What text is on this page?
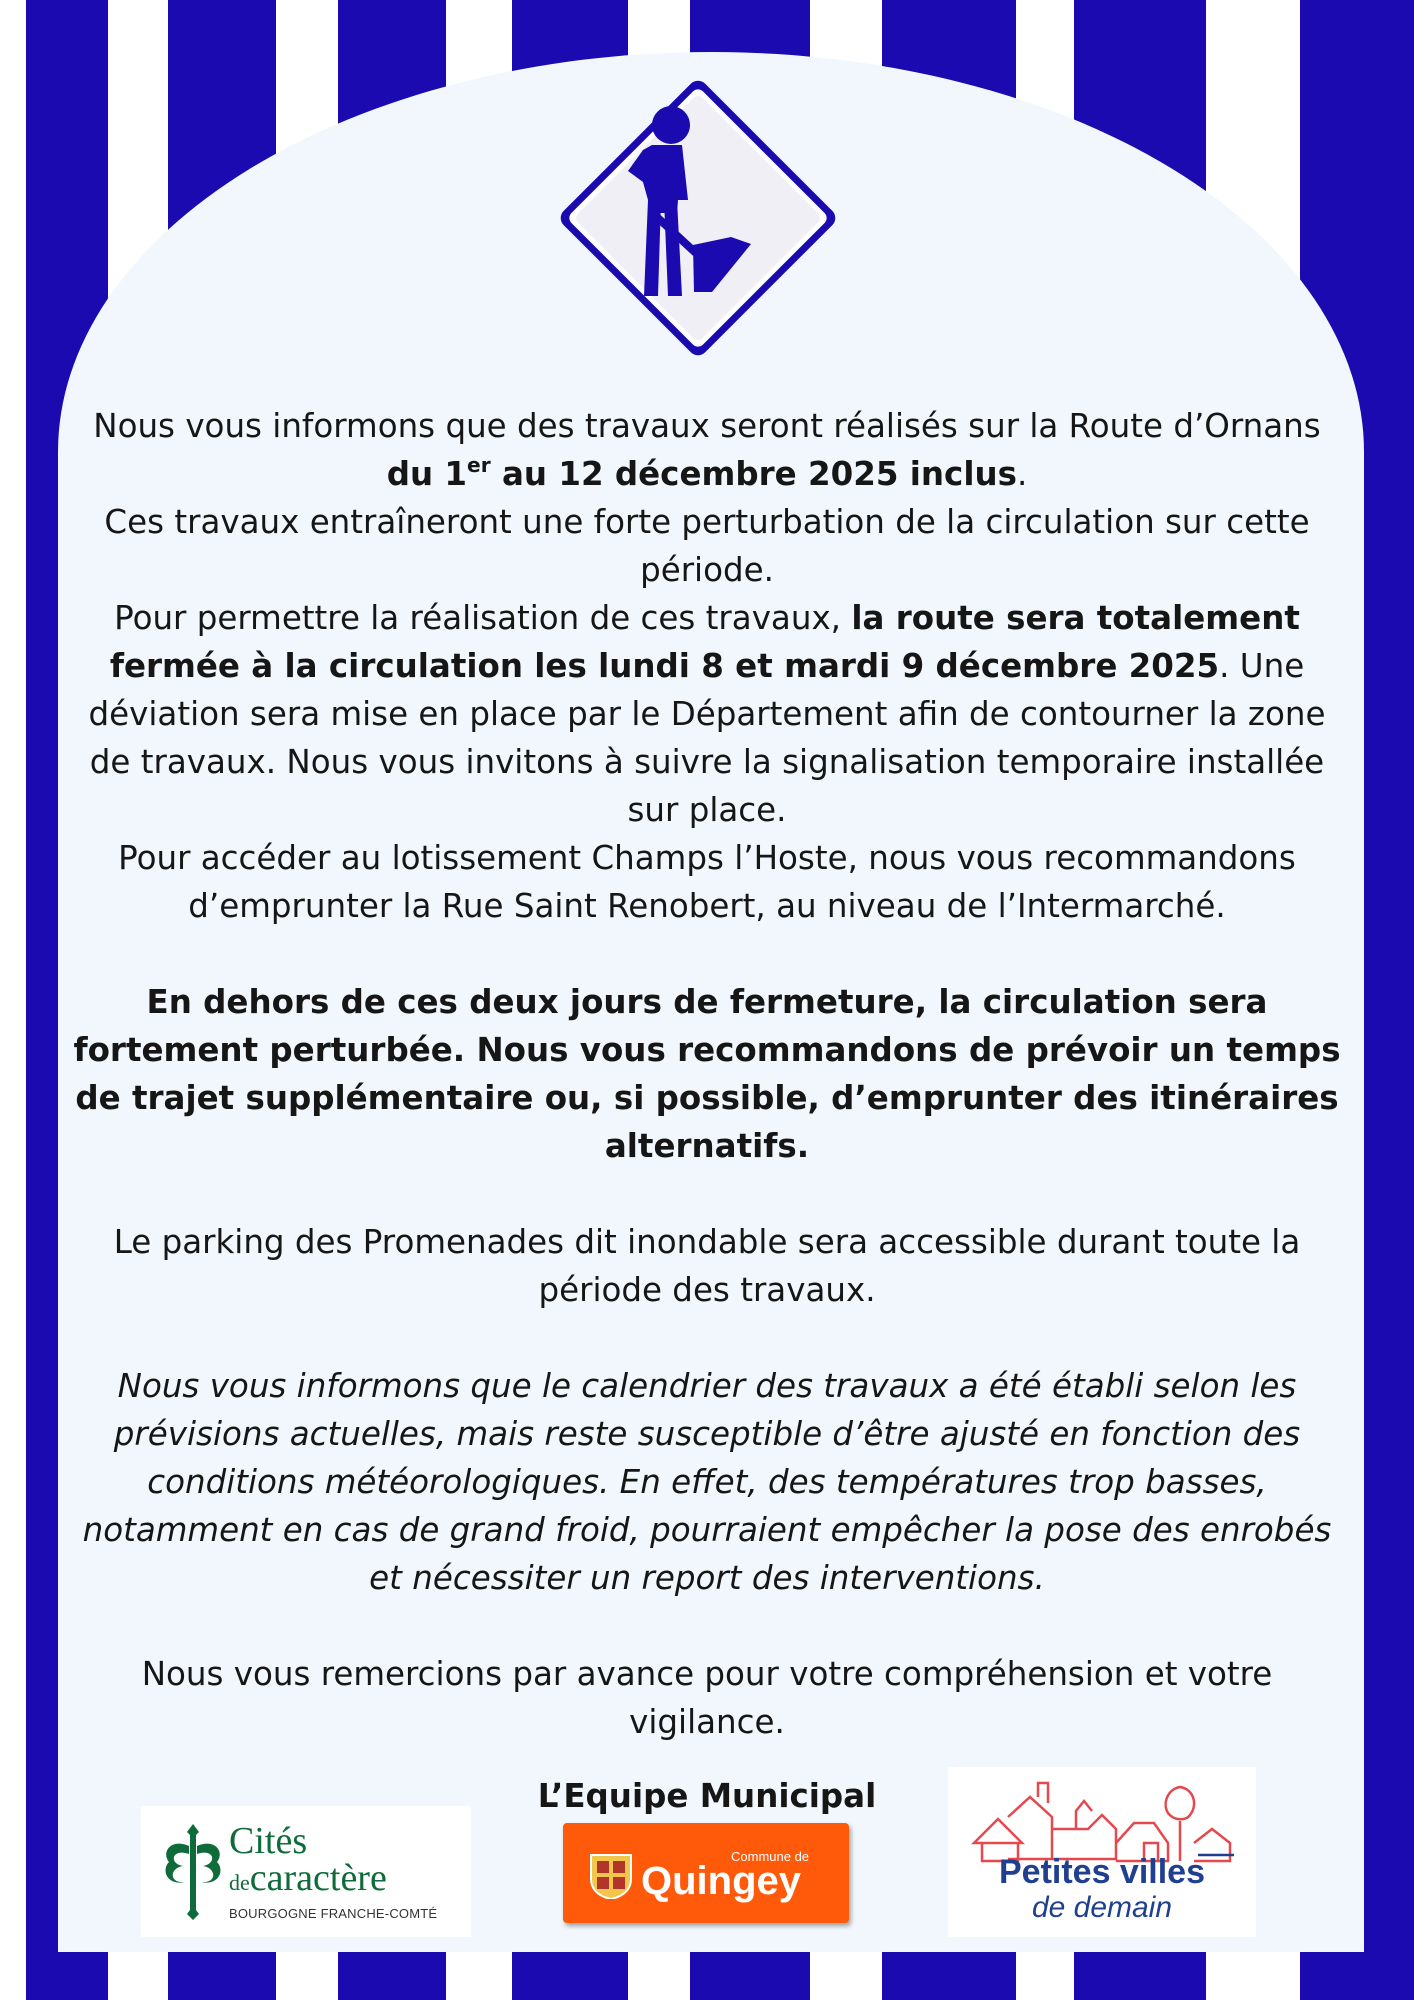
Nous vous informons que des travaux seront réalisés sur la Route d’Ornans
du 1er au 12 décembre 2025 inclus.

Ces travaux entraîneront une forte perturbation de la circulation sur cette période.

Pour permettre la réalisation de ces travaux, la route sera totalement fermée à la circulation les lundi 8 et mardi 9 décembre 2025. Une déviation sera mise en place par le Département afin de contourner la zone de travaux. Nous vous invitons à suivre la signalisation temporaire installée sur place.

Pour accéder au lotissement Champs l’Hoste, nous vous recommandons d’emprunter la Rue Saint Renobert, au niveau de l’Intermarché.

En dehors de ces deux jours de fermeture, la circulation sera fortement perturbée. Nous vous recommandons de prévoir un temps de trajet supplémentaire ou, si possible, d’emprunter des itinéraires alternatifs.

Le parking des Promenades dit inondable sera accessible durant toute la période des travaux.

Nous vous informons que le calendrier des travaux a été établi selon les prévisions actuelles, mais reste susceptible d’être ajusté en fonction des conditions météorologiques. En effet, des températures trop basses, notamment en cas de grand froid, pourraient empêcher la pose des enrobés et nécessiter un report des interventions.

Nous vous remercions par avance pour votre compréhension et votre vigilance.

L’Equipe Municipal

Cités
decaractère
BOURGOGNE FRANCHE-COMTÉ
Commune de
Quingey	Petites villes
de demain
